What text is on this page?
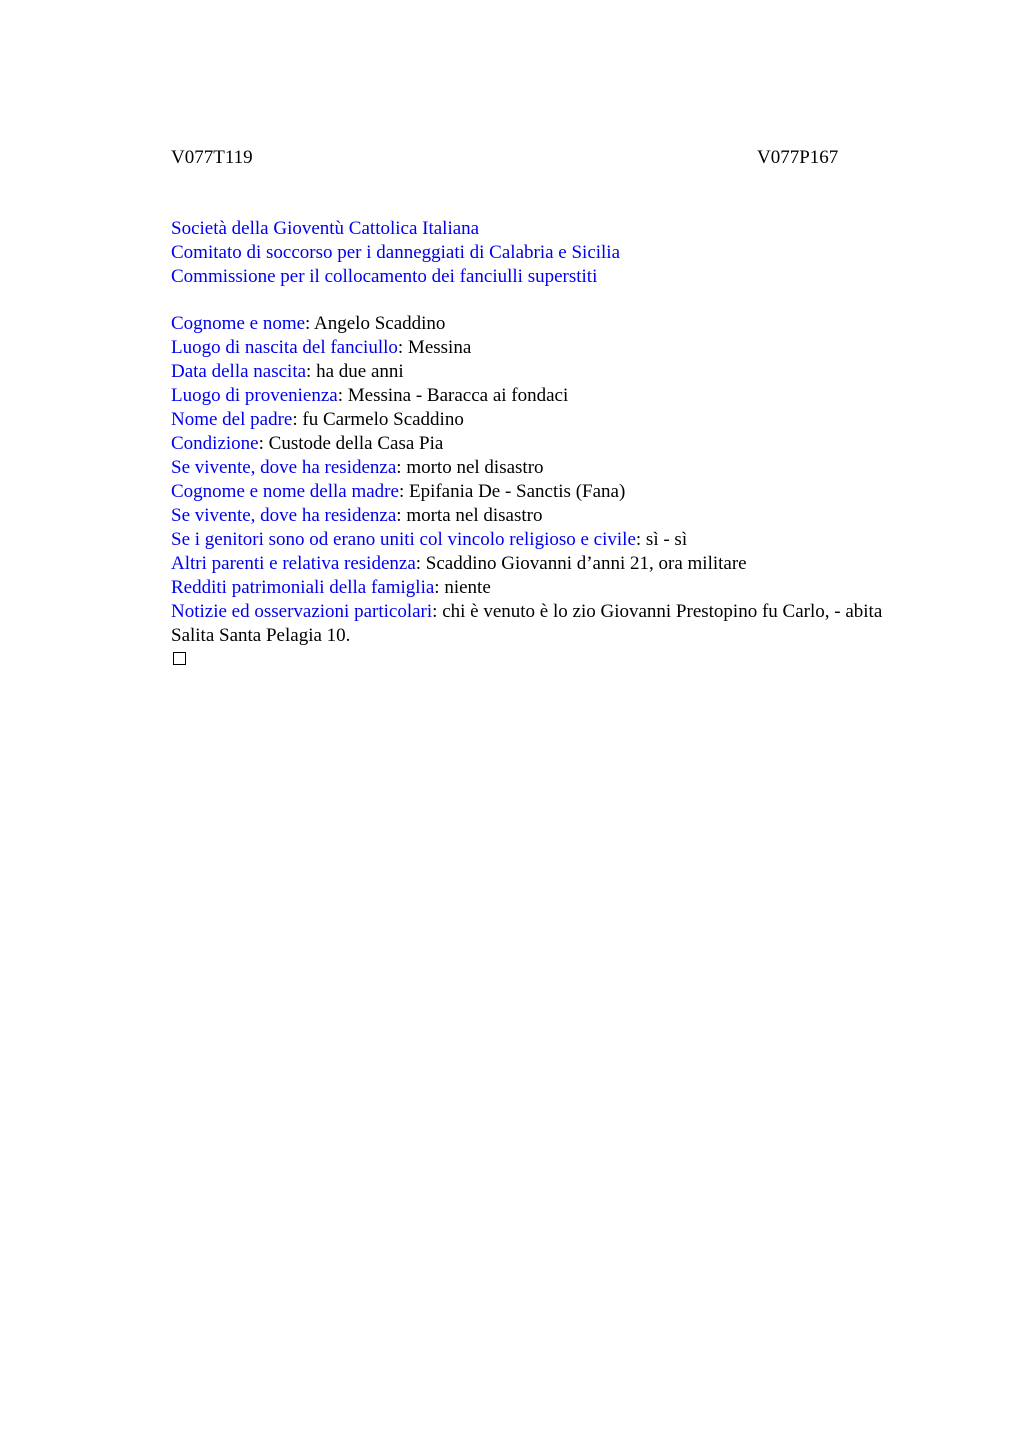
V077T119	V077P167
Società della Gioventù Cattolica Italiana
Comitato di soccorso per i danneggiati di Calabria e Sicilia
Commissione per il collocamento dei fanciulli superstiti
Cognome e nome: Angelo Scaddino
Luogo di nascita del fanciullo: Messina
Data della nascita: ha due anni
Luogo di provenienza: Messina - Baracca ai fondaci
Nome del padre: fu Carmelo Scaddino
Condizione: Custode della Casa Pia
Se vivente, dove ha residenza: morto nel disastro
Cognome e nome della madre: Epifania De - Sanctis (Fana)
Se vivente, dove ha residenza: morta nel disastro
Se i genitori sono od erano uniti col vincolo religioso e civile: sì - sì
Altri parenti e relativa residenza: Scaddino Giovanni d’anni 21, ora militare
Redditi patrimoniali della famiglia: niente
Notizie ed osservazioni particolari: chi è venuto è lo zio Giovanni Prestopino fu Carlo, - abita Salita Santa Pelagia 10.
